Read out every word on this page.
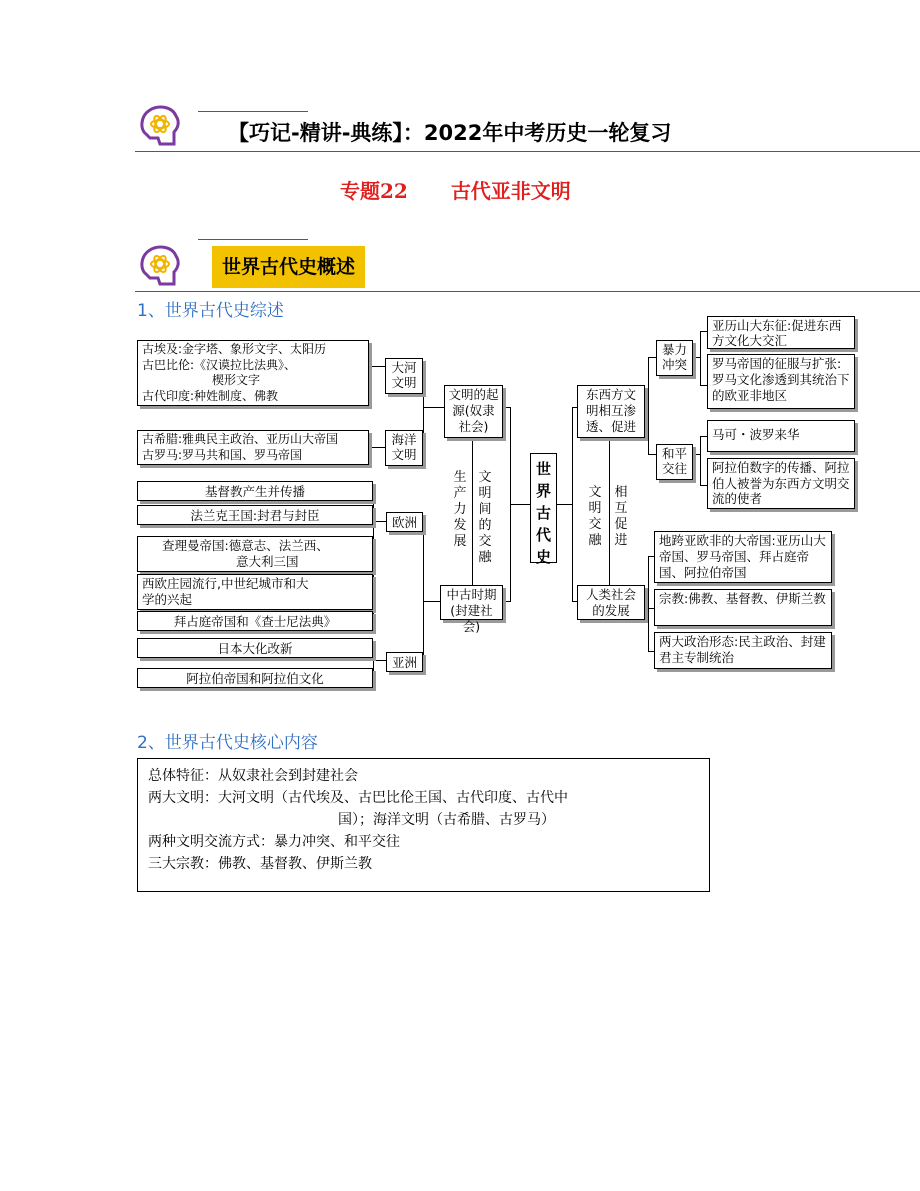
【巧记-精讲-典练】：2022年中考历史一轮复习
专题22 古代亚非文明
世界古代史概述
1、世界古代史综述
古埃及:金字塔、象形文字、太阳历
古巴比伦:《汉谟拉比法典》、
楔形文字
古代印度:种姓制度、佛教
古希腊:雅典民主政治、亚历山大帝国
古罗马:罗马共和国、罗马帝国
大河文明
海洋文明
基督教产生并传播
法兰克王国:封君与封臣
查理曼帝国:德意志、法兰西、
意大利三国
西欧庄园流行,中世纪城市和大
学的兴起
拜占庭帝国和《查士尼法典》
日本大化改新
阿拉伯帝国和阿拉伯文化
欧洲
亚洲
文明的起源(奴隶社会)
中古时期(封建社会)
生产力发展
文明间的交融
世界古代史
东西方文明相互渗透、促进
人类社会的发展
文明交融
相互促进
暴力冲突
和平交往
亚历山大东征:促进东西方文化大交汇
罗马帝国的征服与扩张:罗马文化渗透到其统治下的欧亚非地区
马可・波罗来华
阿拉伯数字的传播、阿拉伯人被誉为东西方文明交流的使者
地跨亚欧非的大帝国:亚历山大帝国、罗马帝国、拜占庭帝国、阿拉伯帝国
宗教:佛教、基督教、伊斯兰教
两大政治形态:民主政治、封建君主专制统治
2、世界古代史核心内容
总体特征：从奴隶社会到封建社会
两大文明：大河文明（古代埃及、古巴比伦王国、古代印度、古代中
国）；海洋文明（古希腊、古罗马）
两种文明交流方式：暴力冲突、和平交往
三大宗教：佛教、基督教、伊斯兰教
